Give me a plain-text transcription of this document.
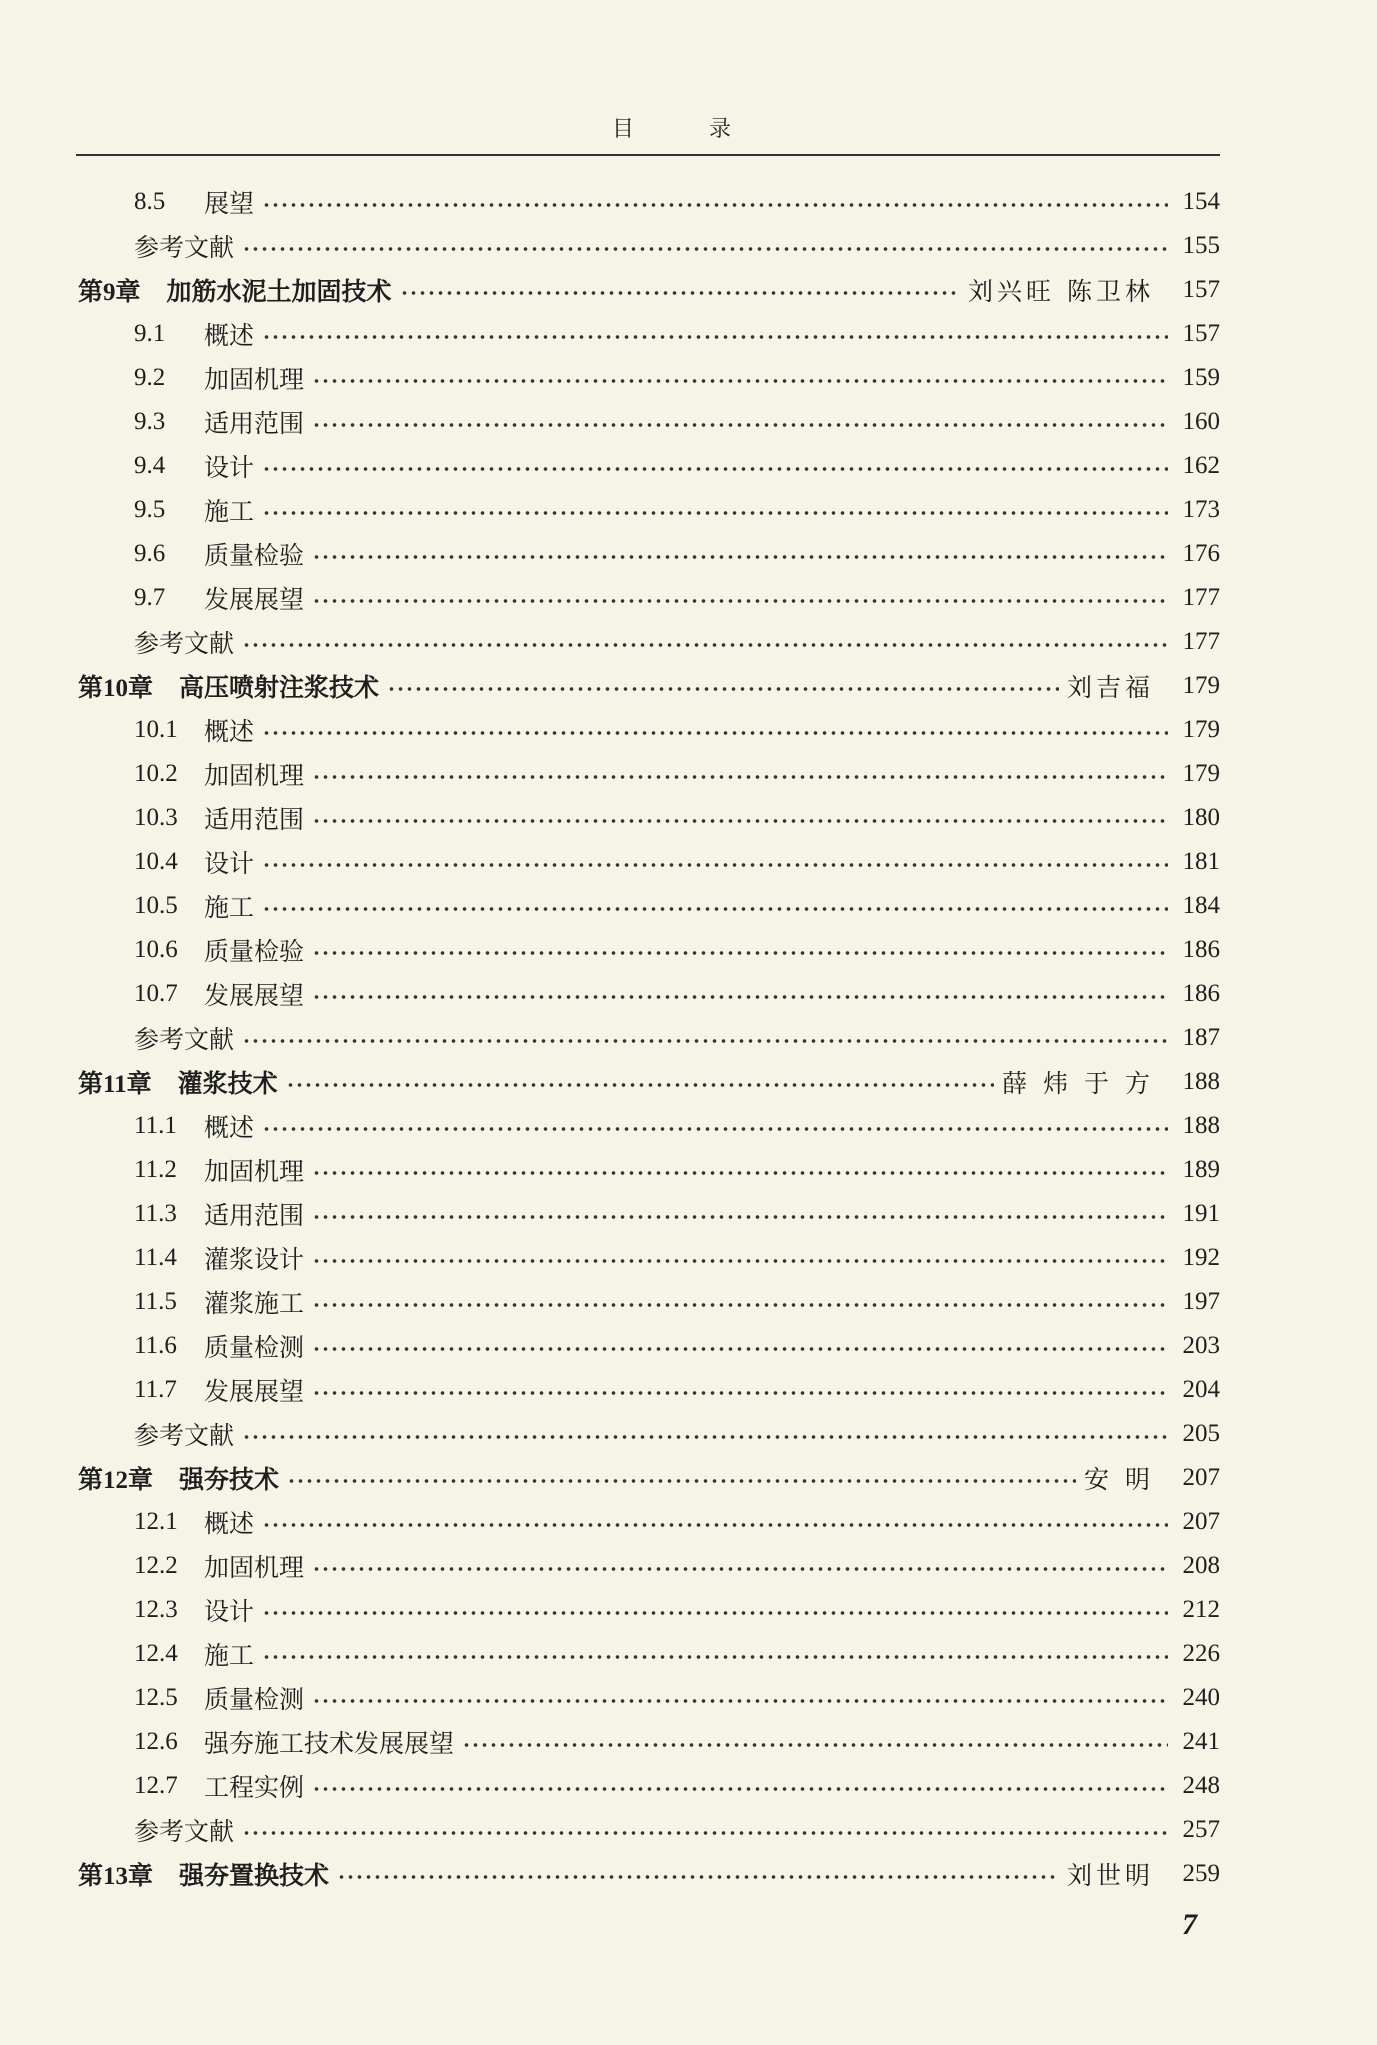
目 录
8.5	展望	154
参考文献	155
第9章 加筋水泥土加固技术	刘兴旺 陈卫林 157
9.1	概述	157
9.2	加固机理	159
9.3	适用范围	160
9.4	设计	162
9.5	施工	173
9.6	质量检验	176
9.7	发展展望	177
参考文献	177
第10章 高压喷射注浆技术	刘吉福 179
10.1	概述	179
10.2	加固机理	179
10.3	适用范围	180
10.4	设计	181
10.5	施工	184
10.6	质量检验	186
10.7	发展展望	186
参考文献	187
第11章 灌浆技术	薛 炜 于 方 188
11.1	概述	188
11.2	加固机理	189
11.3	适用范围	191
11.4	灌浆设计	192
11.5	灌浆施工	197
11.6	质量检测	203
11.7	发展展望	204
参考文献	205
第12章 强夯技术	安 明 207
12.1	概述	207
12.2	加固机理	208
12.3	设计	212
12.4	施工	226
12.5	质量检测	240
12.6	强夯施工技术发展展望	241
12.7	工程实例	248
参考文献	257
第13章 强夯置换技术	刘世明 259
7
